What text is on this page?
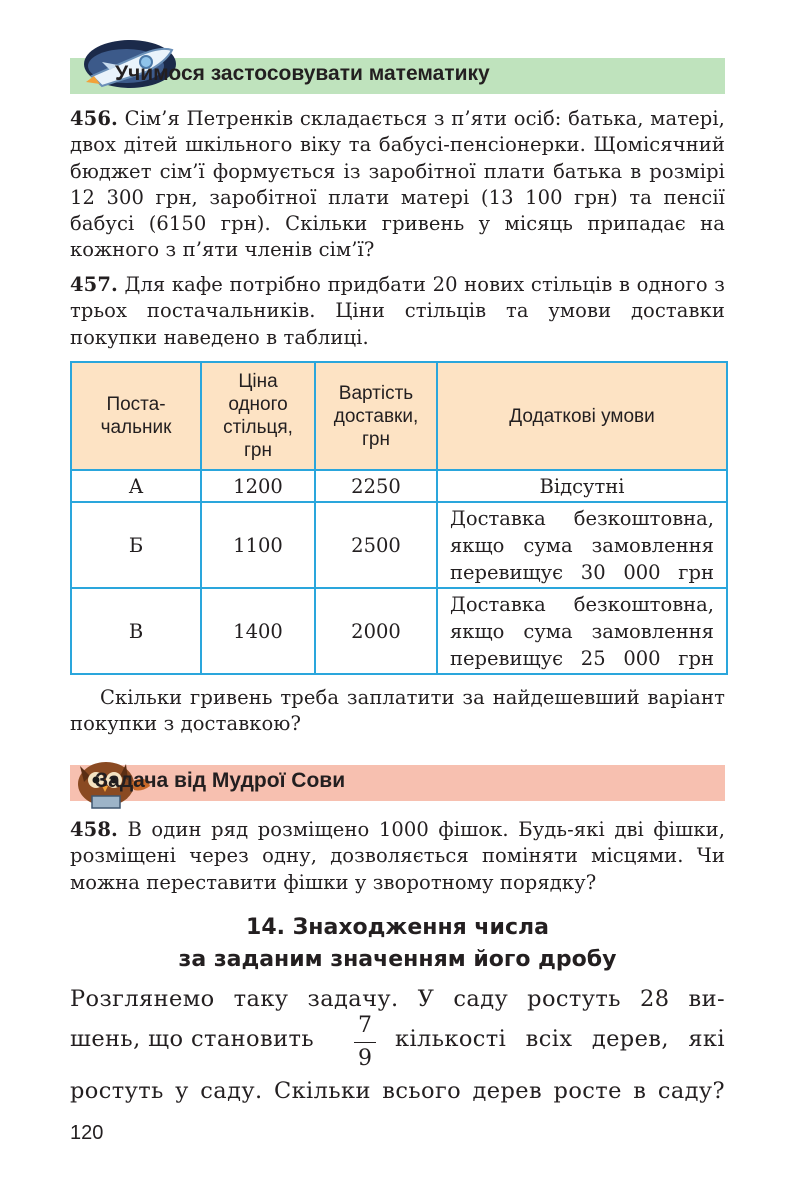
Учимося застосовувати математику
456. Сім’я Петренків складається з п’яти осіб: батька, матері, двох дітей шкільного віку та бабусі-пенсіонерки. Щомісячний бюджет сім’ї формується із заробітної плати батька в розмірі 12 300 грн, заробітної плати матері (13 100 грн) та пенсії бабусі (6150 грн). Скільки гривень у місяць припадає на кожного з п’яти членів сім’ї?
457. Для кафе потрібно придбати 20 нових стільців в одного з трьох постачальників. Ціни стільців та умови доставки покупки наведено в таблиці.
Поста-чальник	Ціна одного стільця, грн	Вартість доставки, грн	Додаткові умови
А	1200	2250	Відсутні
Б	1100	2500	Доставка безкоштовна, якщо сума замовлення перевищує 30 000 грн
В	1400	2000	Доставка безкоштовна, якщо сума замовлення перевищує 25 000 грн
Скільки гривень треба заплатити за найдешевший варіант покупки з доставкою?
Задача від Мудрої Сови
458. В один ряд розміщено 1000 фішок. Будь-які дві фішки, розміщені через одну, дозволяється поміняти місцями. Чи можна переставити фішки у зворотному порядку?
14. Знаходження числа
за заданим значенням його дробу
Розглянемо таку задачу. У саду ростуть 28 ви-
шень, що становить
7
9
кількості всіх дерев, які
ростуть у саду. Скільки всього дерев росте в саду?
120
